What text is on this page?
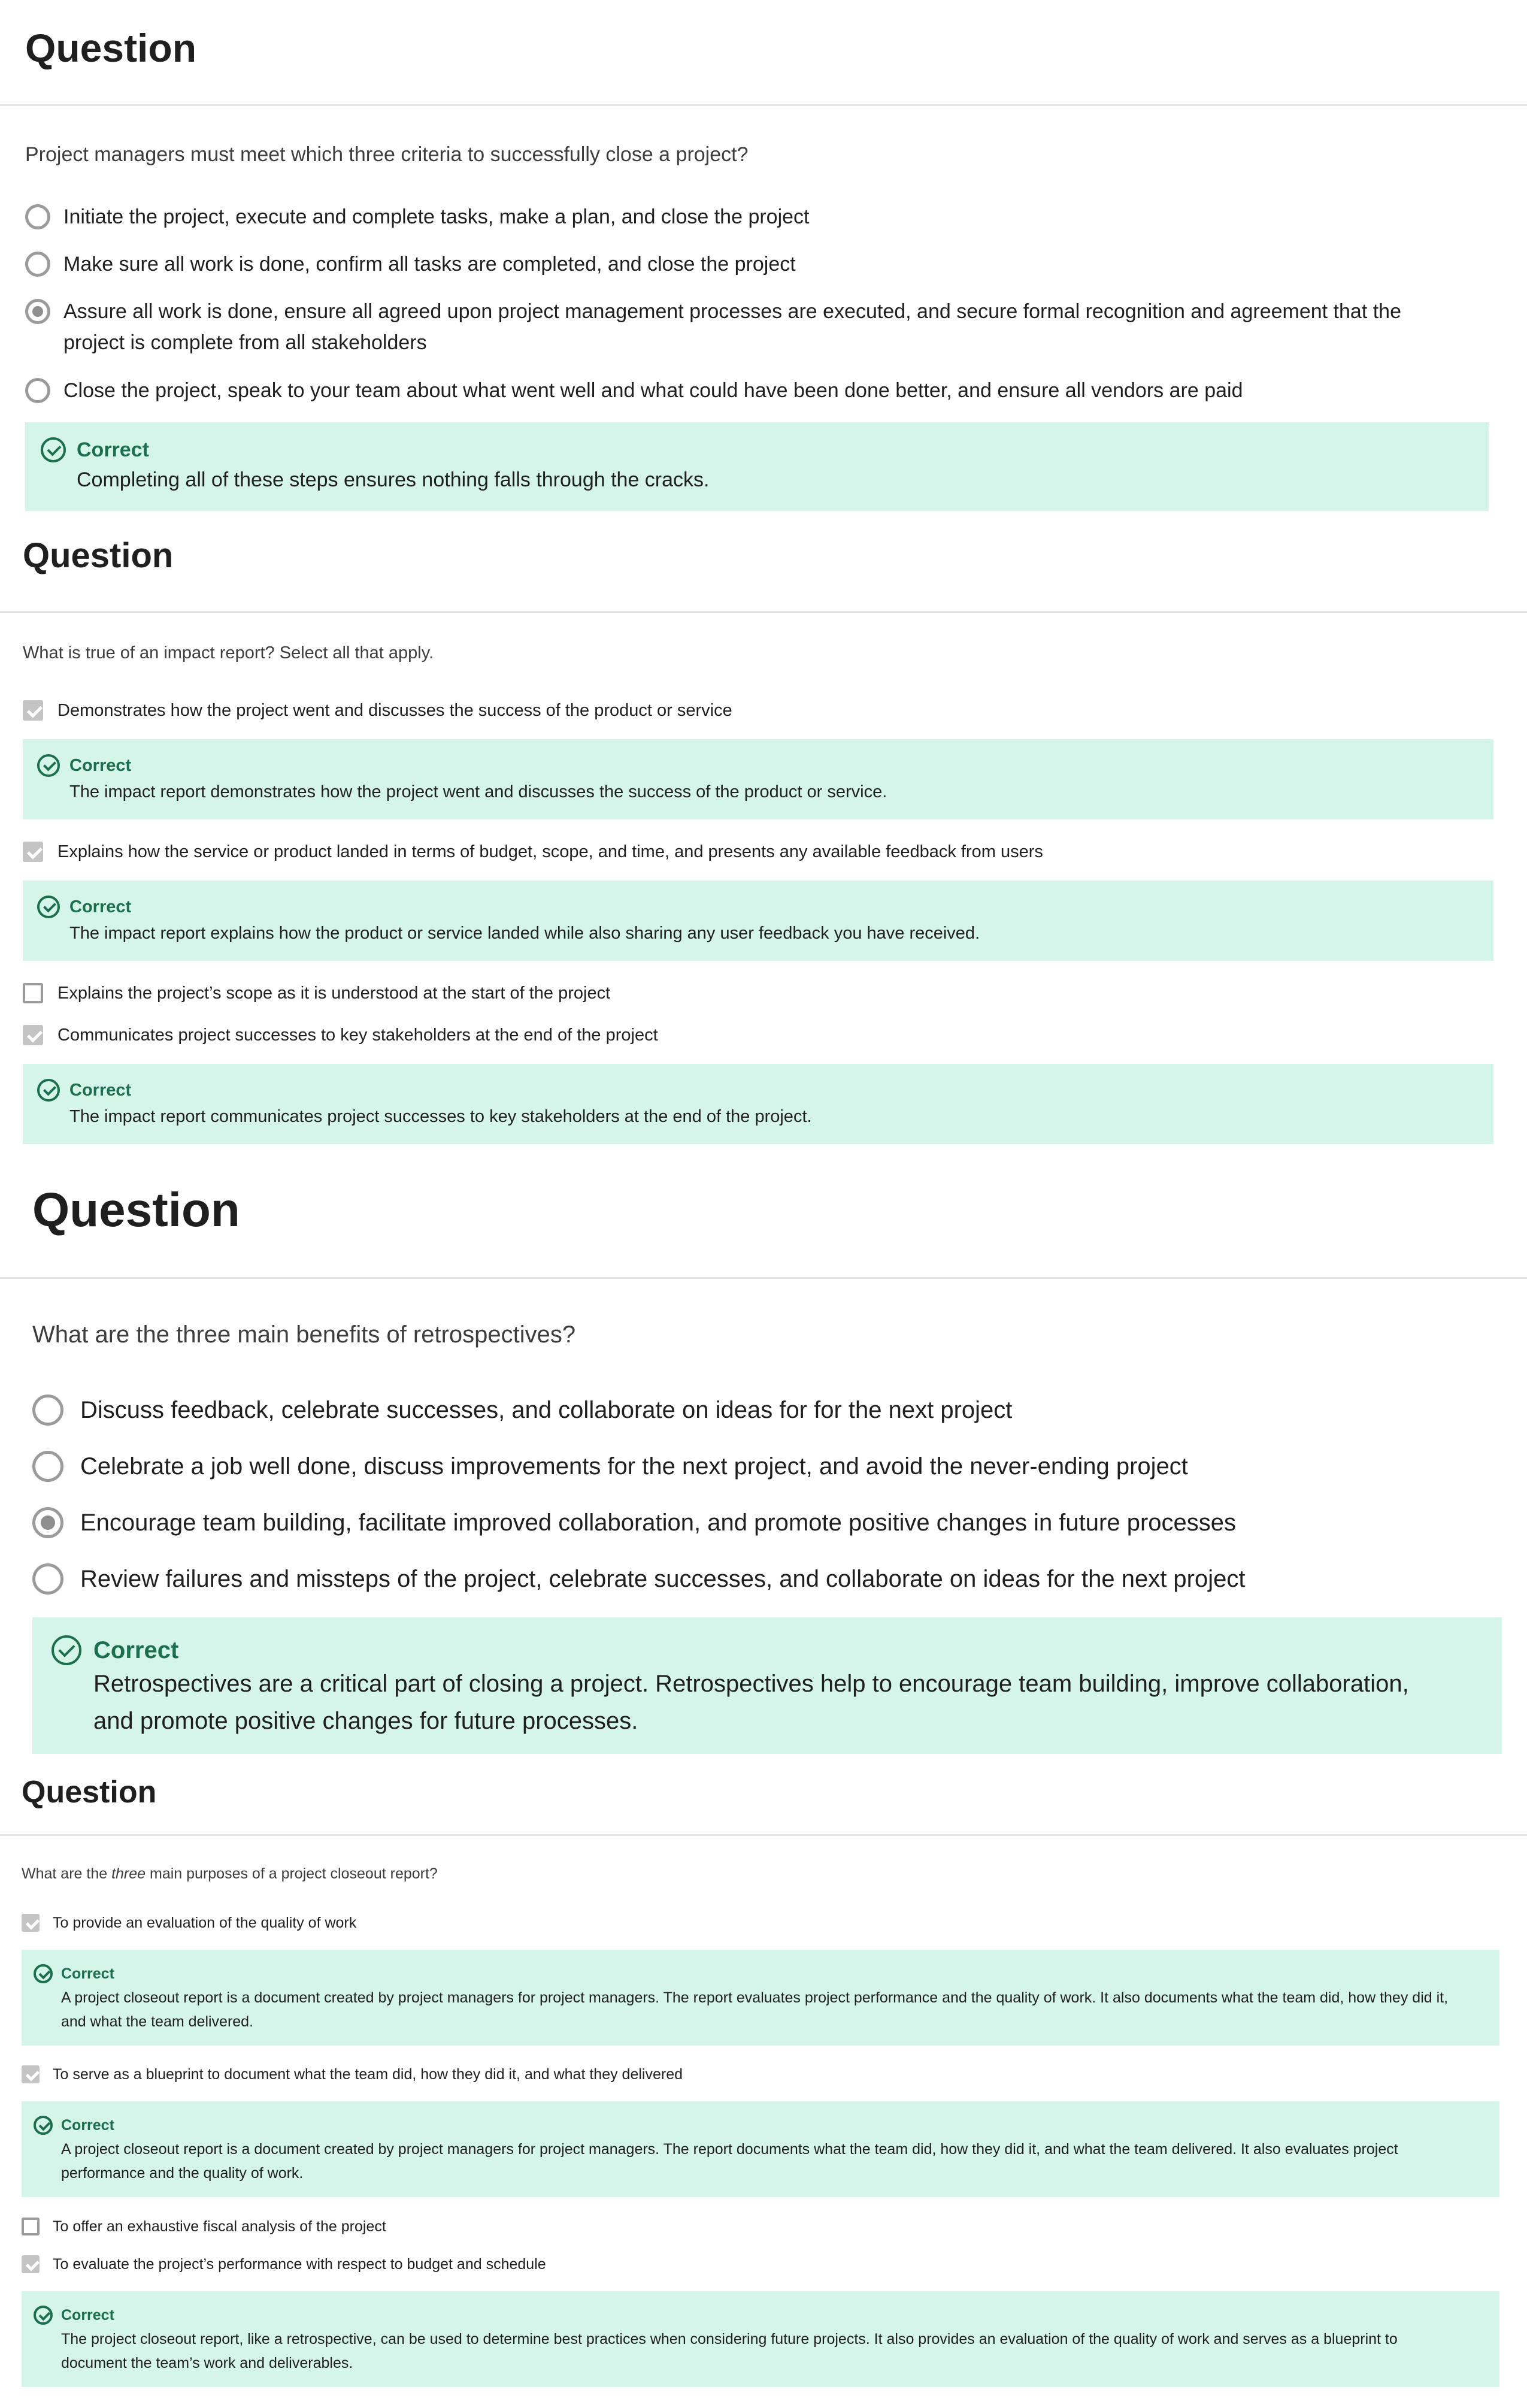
Question
Project managers must meet which three criteria to successfully close a project?
Initiate the project, execute and complete tasks, make a plan, and close the project
Make sure all work is done, confirm all tasks are completed, and close the project
Assure all work is done, ensure all agreed upon project management processes are executed, and secure formal recognition and agreement that the project is complete from all stakeholders
Close the project, speak to your team about what went well and what could have been done better, and ensure all vendors are paid
Correct
Completing all of these steps ensures nothing falls through the cracks.
Question
What is true of an impact report? Select all that apply.
Demonstrates how the project went and discusses the success of the product or service
Correct
The impact report demonstrates how the project went and discusses the success of the product or service.
Explains how the service or product landed in terms of budget, scope, and time, and presents any available feedback from users
Correct
The impact report explains how the product or service landed while also sharing any user feedback you have received.
Explains the project’s scope as it is understood at the start of the project
Communicates project successes to key stakeholders at the end of the project
Correct
The impact report communicates project successes to key stakeholders at the end of the project.
Question
What are the three main benefits of retrospectives?
Discuss feedback, celebrate successes, and collaborate on ideas for for the next project
Celebrate a job well done, discuss improvements for the next project, and avoid the never-ending project
Encourage team building, facilitate improved collaboration, and promote positive changes in future processes
Review failures and missteps of the project, celebrate successes, and collaborate on ideas for the next project
Correct
Retrospectives are a critical part of closing a project. Retrospectives help to encourage team building, improve collaboration, and promote positive changes for future processes.
Question
What are the three main purposes of a project closeout report?
To provide an evaluation of the quality of work
Correct
A project closeout report is a document created by project managers for project managers. The report evaluates project performance and the quality of work. It also documents what the team did, how they did it, and what the team delivered.
To serve as a blueprint to document what the team did, how they did it, and what they delivered
Correct
A project closeout report is a document created by project managers for project managers. The report documents what the team did, how they did it, and what the team delivered. It also evaluates project performance and the quality of work.
To offer an exhaustive fiscal analysis of the project
To evaluate the project’s performance with respect to budget and schedule
Correct
The project closeout report, like a retrospective, can be used to determine best practices when considering future projects. It also provides an evaluation of the quality of work and serves as a blueprint to document the team’s work and deliverables.
